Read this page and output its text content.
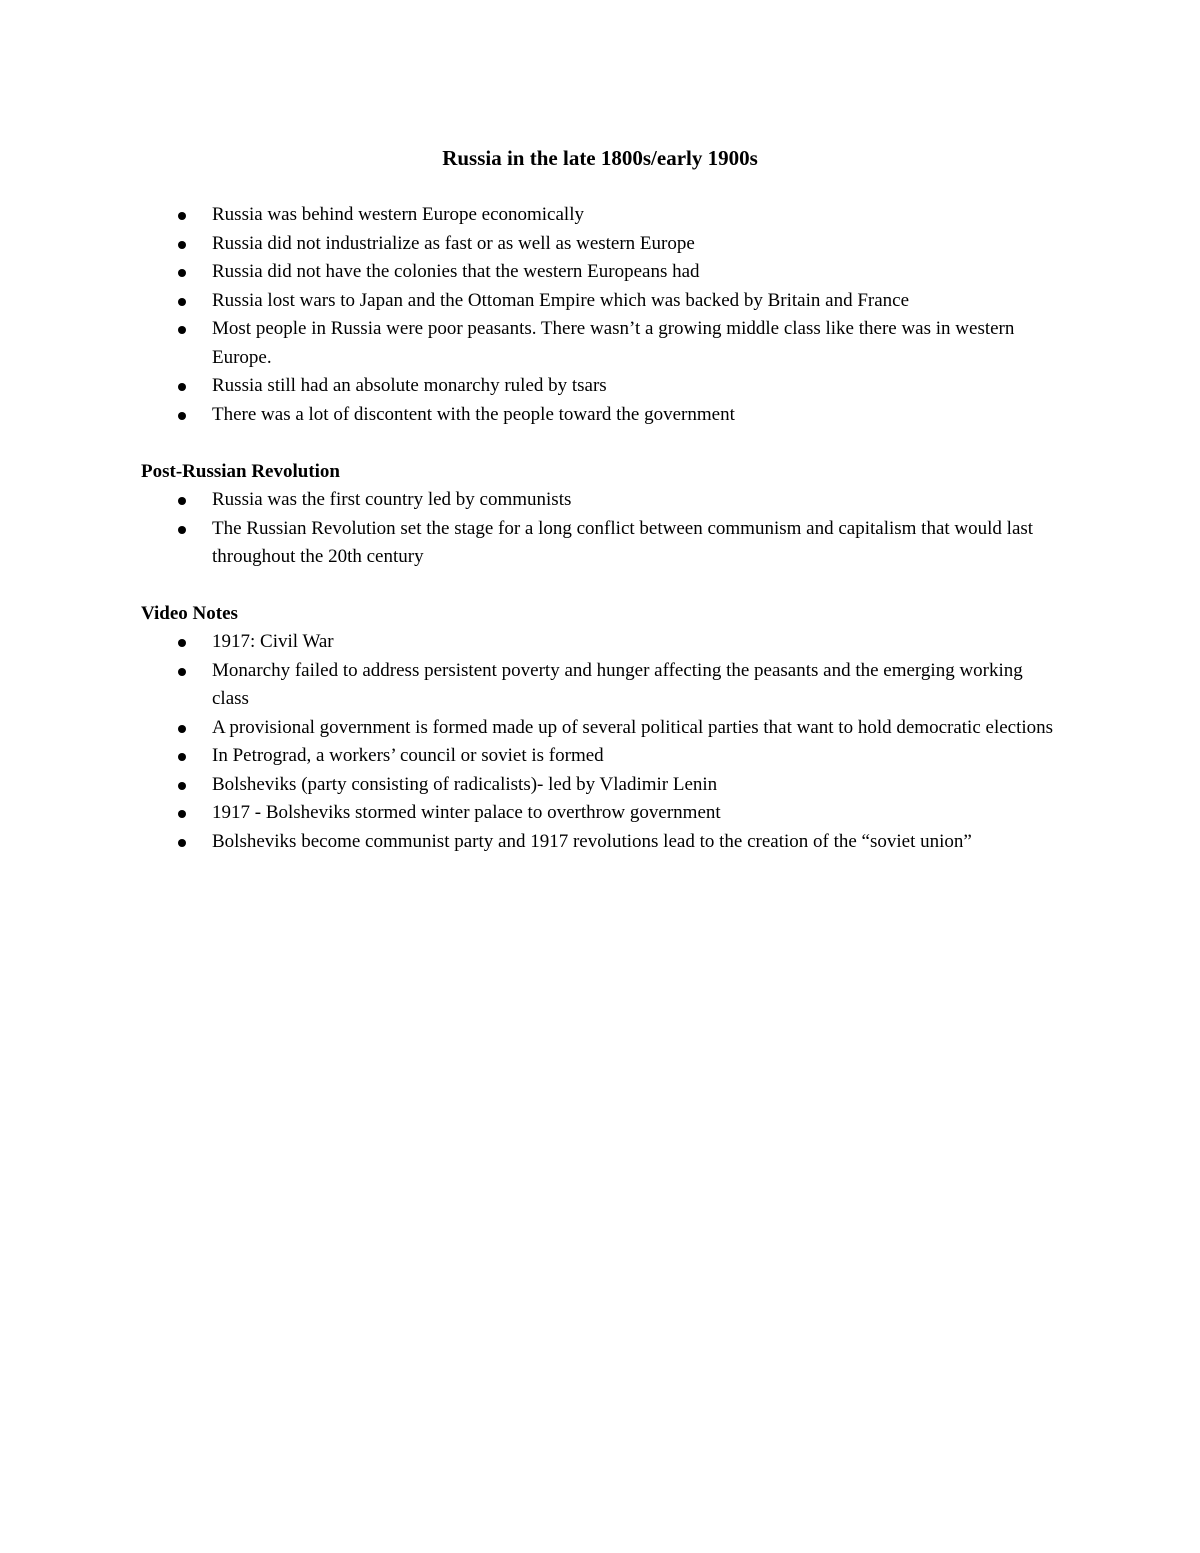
Russia in the late 1800s/early 1900s
Russia was behind western Europe economically
Russia did not industrialize as fast or as well as western Europe
Russia did not have the colonies that the western Europeans had
Russia lost wars to Japan and the Ottoman Empire which was backed by Britain and France
Most people in Russia were poor peasants. There wasn’t a growing middle class like there was in western Europe.
Russia still had an absolute monarchy ruled by tsars
There was a lot of discontent with the people toward the government
Post-Russian Revolution
Russia was the first country led by communists
The Russian Revolution set the stage for a long conflict between communism and capitalism that would last throughout the 20th century
Video Notes
1917: Civil War
Monarchy failed to address persistent poverty and hunger affecting the peasants and the emerging working class
A provisional government is formed made up of several political parties that want to hold democratic elections
In Petrograd, a workers’ council or soviet is formed
Bolsheviks (party consisting of radicalists)- led by Vladimir Lenin
1917 - Bolsheviks stormed winter palace to overthrow government
Bolsheviks become communist party and 1917 revolutions lead to the creation of the “soviet union”
